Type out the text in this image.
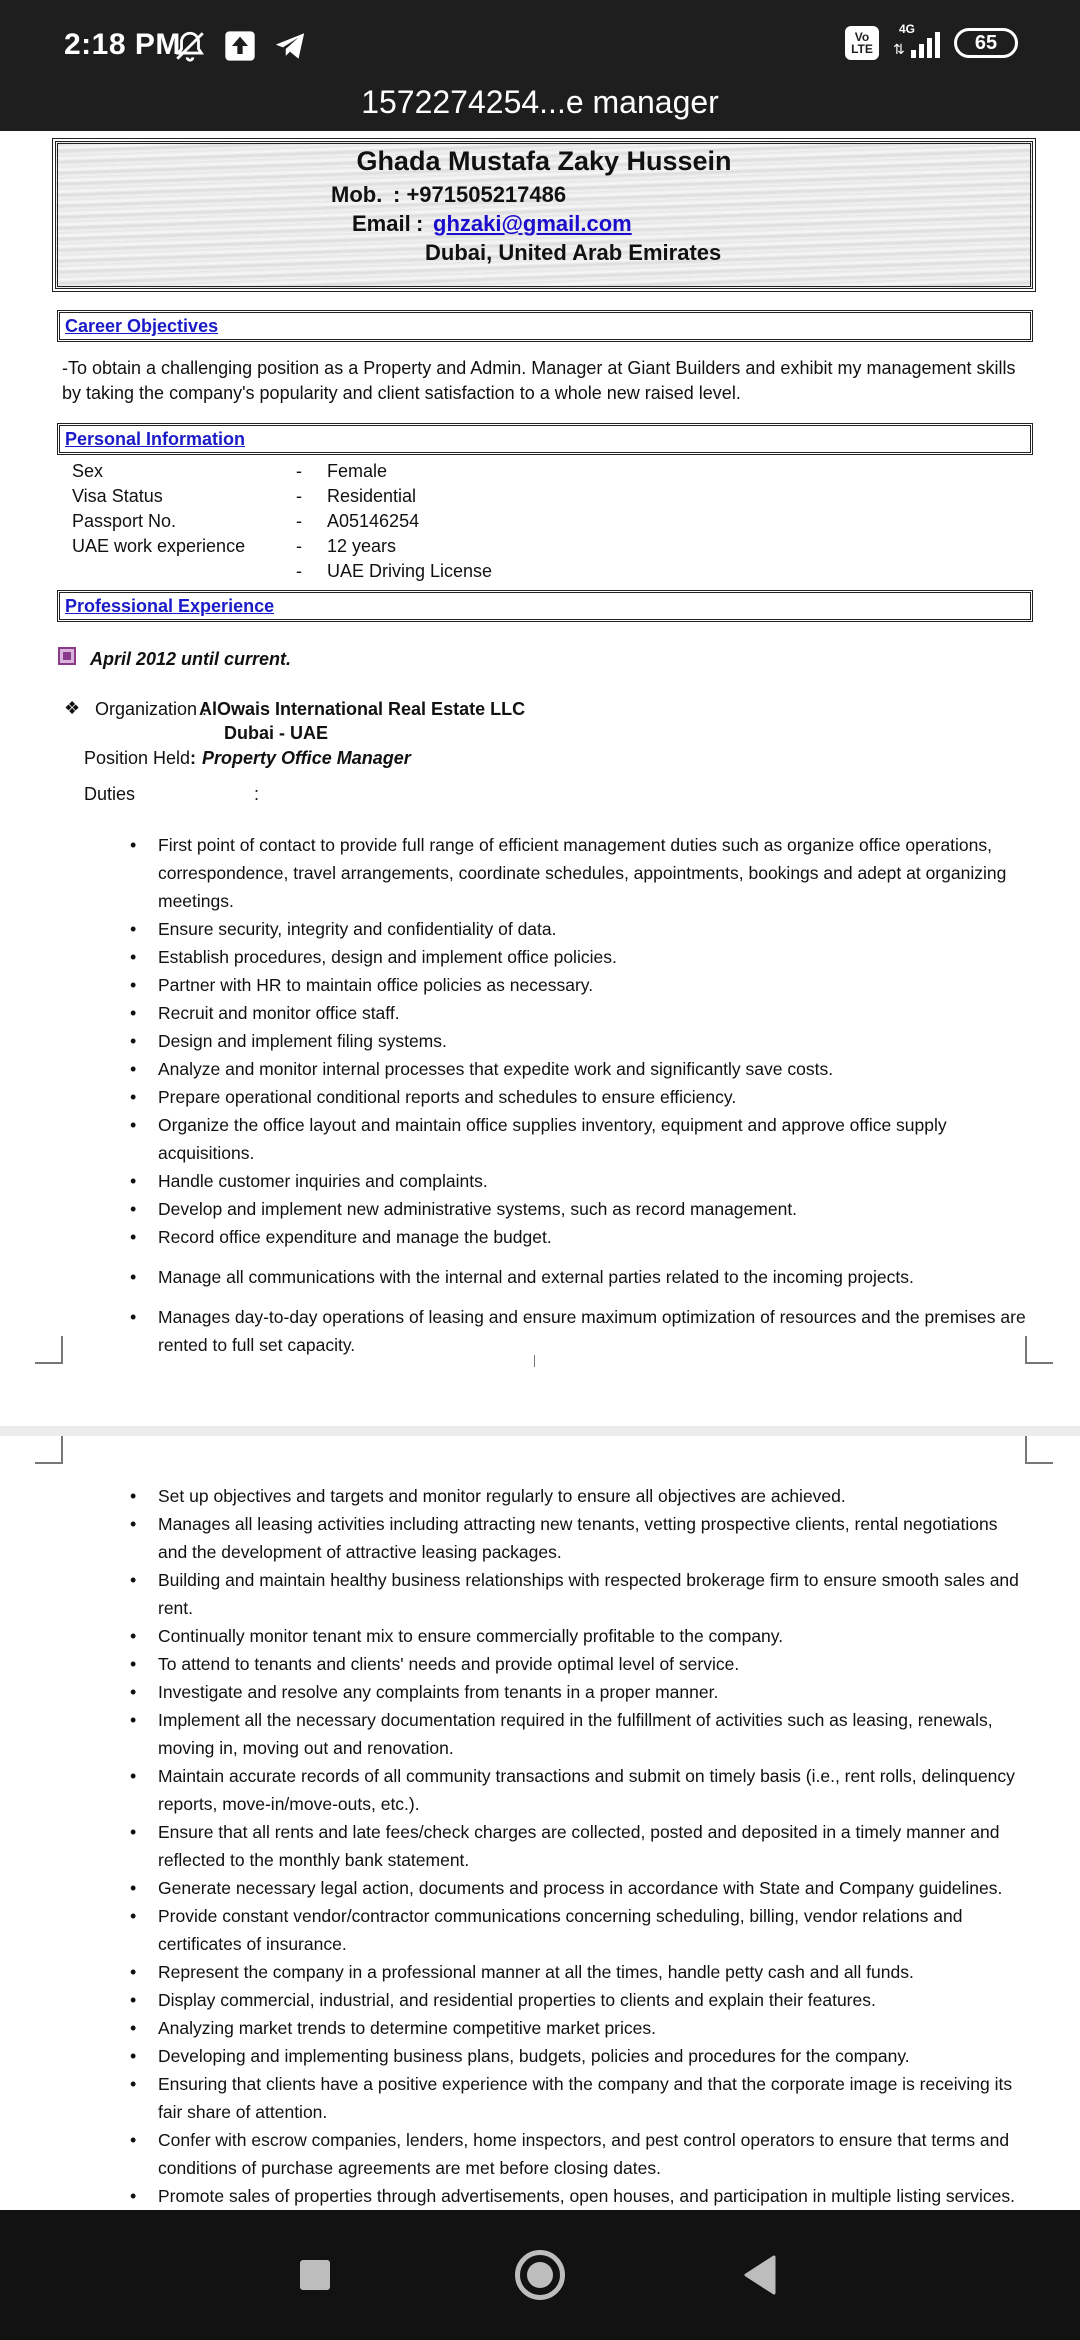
2:18 PM	Vo
LTE
4G
⇅	65
1572274254...e manager
Ghada Mustafa Zaky Hussein
Mob. : +971505217486
Email : ghzaki@gmail.com
Dubai, United Arab Emirates
Career Objectives
-To obtain a challenging position as a Property and Admin. Manager at Giant Builders and exhibit my management skills by taking the company's popularity and client satisfaction to a whole new raised level.
Personal Information
Sex	- Female
Visa Status	- Residential
Passport No.	- A05146254
UAE work experience	- 12 years
- UAE Driving License
Professional Experience
April 2012 until current.
❖ Organization :
AlOwais International Real Estate LLC
Dubai - UAE
Position Held : Property Office Manager
Duties	:
• First point of contact to provide full range of efficient management duties such as organize office operations, correspondence, travel arrangements, coordinate schedules, appointments, bookings and adept at organizing meetings.
• Ensure security, integrity and confidentiality of data.
• Establish procedures, design and implement office policies.
• Partner with HR to maintain office policies as necessary.
• Recruit and monitor office staff.
• Design and implement filing systems.
• Analyze and monitor internal processes that expedite work and significantly save costs.
• Prepare operational conditional reports and schedules to ensure efficiency.
• Organize the office layout and maintain office supplies inventory, equipment and approve office supply acquisitions.
• Handle customer inquiries and complaints.
• Develop and implement new administrative systems, such as record management.
• Record office expenditure and manage the budget.
• Manage all communications with the internal and external parties related to the incoming projects.
• Manages day-to-day operations of leasing and ensure maximum optimization of resources and the premises are rented to full set capacity.
• Set up objectives and targets and monitor regularly to ensure all objectives are achieved.
• Manages all leasing activities including attracting new tenants, vetting prospective clients, rental negotiations and the development of attractive leasing packages.
• Building and maintain healthy business relationships with respected brokerage firm to ensure smooth sales and rent.
• Continually monitor tenant mix to ensure commercially profitable to the company.
• To attend to tenants and clients' needs and provide optimal level of service.
• Investigate and resolve any complaints from tenants in a proper manner.
• Implement all the necessary documentation required in the fulfillment of activities such as leasing, renewals, moving in, moving out and renovation.
• Maintain accurate records of all community transactions and submit on timely basis (i.e., rent rolls, delinquency reports, move-in/move-outs, etc.).
• Ensure that all rents and late fees/check charges are collected, posted and deposited in a timely manner and reflected to the monthly bank statement.
• Generate necessary legal action, documents and process in accordance with State and Company guidelines.
• Provide constant vendor/contractor communications concerning scheduling, billing, vendor relations and certificates of insurance.
• Represent the company in a professional manner at all the times, handle petty cash and all funds.
• Display commercial, industrial, and residential properties to clients and explain their features.
• Analyzing market trends to determine competitive market prices.
• Developing and implementing business plans, budgets, policies and procedures for the company.
• Ensuring that clients have a positive experience with the company and that the corporate image is receiving its fair share of attention.
• Confer with escrow companies, lenders, home inspectors, and pest control operators to ensure that terms and conditions of purchase agreements are met before closing dates.
• Promote sales of properties through advertisements, open houses, and participation in multiple listing services.
